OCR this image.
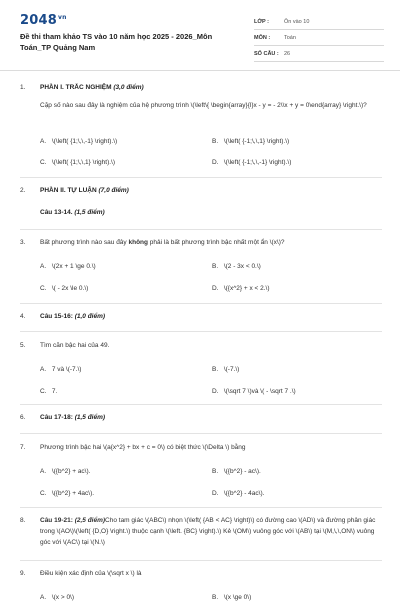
$2048^{vn}$
Đề thi tham khảo TS vào 10 năm học 2025 - 2026_Môn Toán_TP Quảng Nam
LỚP :	Ôn vào 10
MÔN :	Toán
SỐ CÂU : 26
1. PHẦN I. TRẮC NGHIỆM (3,0 điểm)
Cặp số nào sau đây là nghiệm của hệ phương trình \(\left\{ \begin{array}{l}x - y = - 2\\x + y = 0\end{array} \right.\)?
A. \(\left( {1;\,\,-1} \right).\)	B. \(\left( {-1;\,\,1} \right).\)
C. \(\left( {1;\,\,1} \right).\)	D. \(\left( {-1;\,\,-1} \right).\)
2. PHẦN II. TỰ LUẬN (7,0 điểm)
Câu 13-14. (1,5 điểm)
3. Bất phương trình nào sau đây không phải là bất phương trình bậc nhất một ẩn \(x\)?
A. \(2x + 1 \ge 0.\)	B. \(2 - 3x < 0.\)
C. \( - 2x \le 0.\)	D. \({x^2} + x < 2.\)
4. Câu 15-16: (1,0 điểm)
5. Tìm căn bậc hai của 49.
A. 7 và \(-7.\)	B. \(-7.\)
C. 7.	D. \(\sqrt 7 \)và \( - \sqrt 7 .\)
6. Câu 17-18: (1,5 điểm)
7. Phương trình bậc hai \(a{x^2} + bx + c = 0\) có biệt thức \(\Delta \) bằng
A. \({b^2} + ac\).	B. \({b^2} - ac\).
C. \({b^2} + 4ac\).	D. \({b^2} - 4ac\).
8. Câu 19-21: (2,5 điểm)Cho tam giác \(ABC\) nhọn \(\left( {AB < AC} \right)\) có đường cao \(AD\) và đường phân giác trong \(AO\)\(\left( {D,O} \right.\) thuộc cạnh \(\left. {BC} \right).\) Kẻ \(OM\) vuông góc với \(AB\) tại \(M,\,\,ON\) vuông góc với \(AC\) tại \(N.\)
9. Điều kiện xác định của \(\sqrt x \) là
A. \(x > 0\)	B. \(x \ge 0\)
